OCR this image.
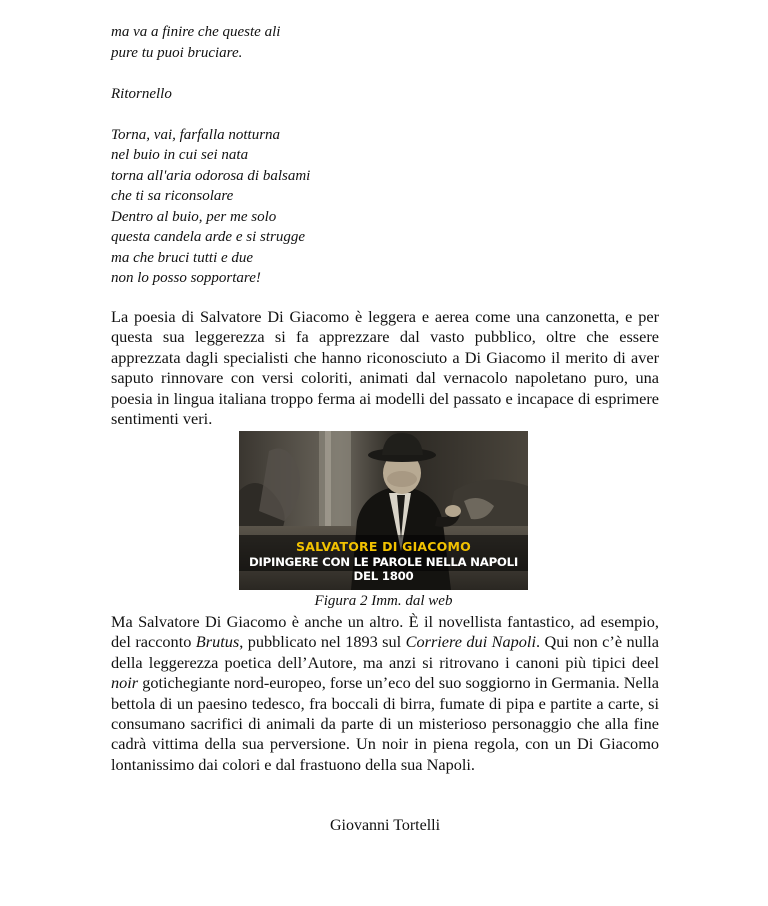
ma va a finire che queste ali
pure tu puoi bruciare.
Ritornello
Torna, vai, farfalla notturna
nel buio in cui sei nata
torna all'aria odorosa di balsami
che ti sa riconsolare
Dentro al buio, per me solo
questa candela arde e si strugge
ma che bruci tutti e due
non lo posso sopportare!

La poesia di Salvatore Di Giacomo è leggera e aerea come una canzonetta, e per questa sua leggerezza si fa apprezzare dal vasto pubblico, oltre che essere apprezzata dagli specialisti che hanno riconosciuto a Di Giacomo il merito di aver saputo rinnovare con versi coloriti, animati dal vernacolo napoletano puro, una poesia in lingua italiana troppo ferma ai modelli del passato e incapace di esprimere sentimenti veri.

SALVATORE DI GIACOMO
DIPINGERE CON LE PAROLE NELLA NAPOLI DEL 1800
Figura 2 Imm. dal web

Ma Salvatore Di Giacomo è anche un altro. È il novellista fantastico, ad esempio, del racconto Brutus, pubblicato nel 1893 sul Corriere dui Napoli. Qui non c’è nulla della leggerezza poetica dell’Autore, ma anzi si ritrovano i canoni più tipici deel noir gotichegiante nord-europeo, forse un’eco del suo soggiorno in Germania. Nella bettola di un paesino tedesco, fra boccali di birra, fumate di pipa e partite a carte, si consumano sacrifici di animali da parte di un misterioso personaggio che alla fine cadrà vittima della sua perversione. Un noir in piena regola, con un Di Giacomo lontanissimo dai colori e dal frastuono della sua Napoli.

Giovanni Tortelli
